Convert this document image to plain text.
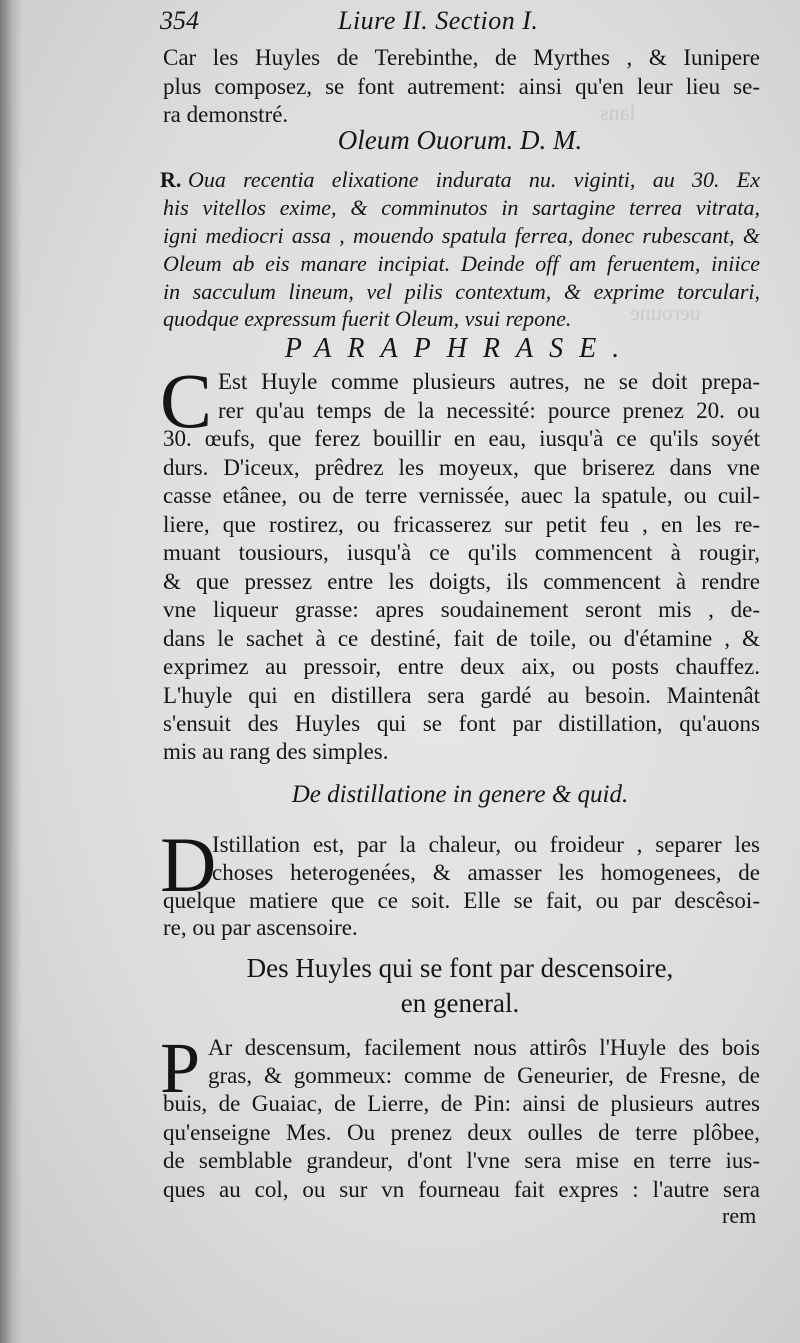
lans
ueroune
354	Liure II. Section I.
Car les Huyles de Terebinthe, de Myrthes , & Iunipere
plus composez, se font autrement: ainsi qu'en leur lieu se-
ra demonstré.
Oleum Ouorum. D. M.
Oua recentia elixatione indurata nu. viginti, au 30. Ex
R.
his vitellos exime, & comminutos in sartagine terrea vitrata,
igni mediocri assa , mouendo spatula ferrea, donec rubescant, &
Oleum ab eis manare incipiat. Deinde off am feruentem, iniice
in sacculum lineum, vel pilis contextum, & exprime torculari,
quodque expressum fuerit Oleum, vsui repone.
PARAPHRASE.
C Est Huyle comme plusieurs autres, ne se doit prepa-
rer qu'au temps de la necessité: pource prenez 20. ou
30. œufs, que ferez bouillir en eau, iusqu'à ce qu'ils soyét
durs. D'iceux, prêdrez les moyeux, que briserez dans vne
casse etânee, ou de terre vernissée, auec la spatule, ou cuil-
liere, que rostirez, ou fricasserez sur petit feu , en les re-
muant tousiours, iusqu'à ce qu'ils commencent à rougir,
& que pressez entre les doigts, ils commencent à rendre
vne liqueur grasse: apres soudainement seront mis , de-
dans le sachet à ce destiné, fait de toile, ou d'étamine , &
exprimez au pressoir, entre deux aix, ou posts chauffez.
L'huyle qui en distillera sera gardé au besoin. Maintenât
s'ensuit des Huyles qui se font par distillation, qu'auons
mis au rang des simples.
De distillatione in genere & quid.
D
Istillation est, par la chaleur, ou froideur , separer les
choses heterogenées, & amasser les homogenees, de
quelque matiere que ce soit. Elle se fait, ou par descêsoi-
re, ou par ascensoire.
Des Huyles qui se font par descensoire,
en general.
P Ar descensum, facilement nous attirôs l'Huyle des bois
gras, & gommeux: comme de Geneurier, de Fresne, de
buis, de Guaiac, de Lierre, de Pin: ainsi de plusieurs autres
qu'enseigne Mes. Ou prenez deux oulles de terre plôbee,
de semblable grandeur, d'ont l'vne sera mise en terre ius-
ques au col, ou sur vn fourneau fait expres : l'autre sera
rem
